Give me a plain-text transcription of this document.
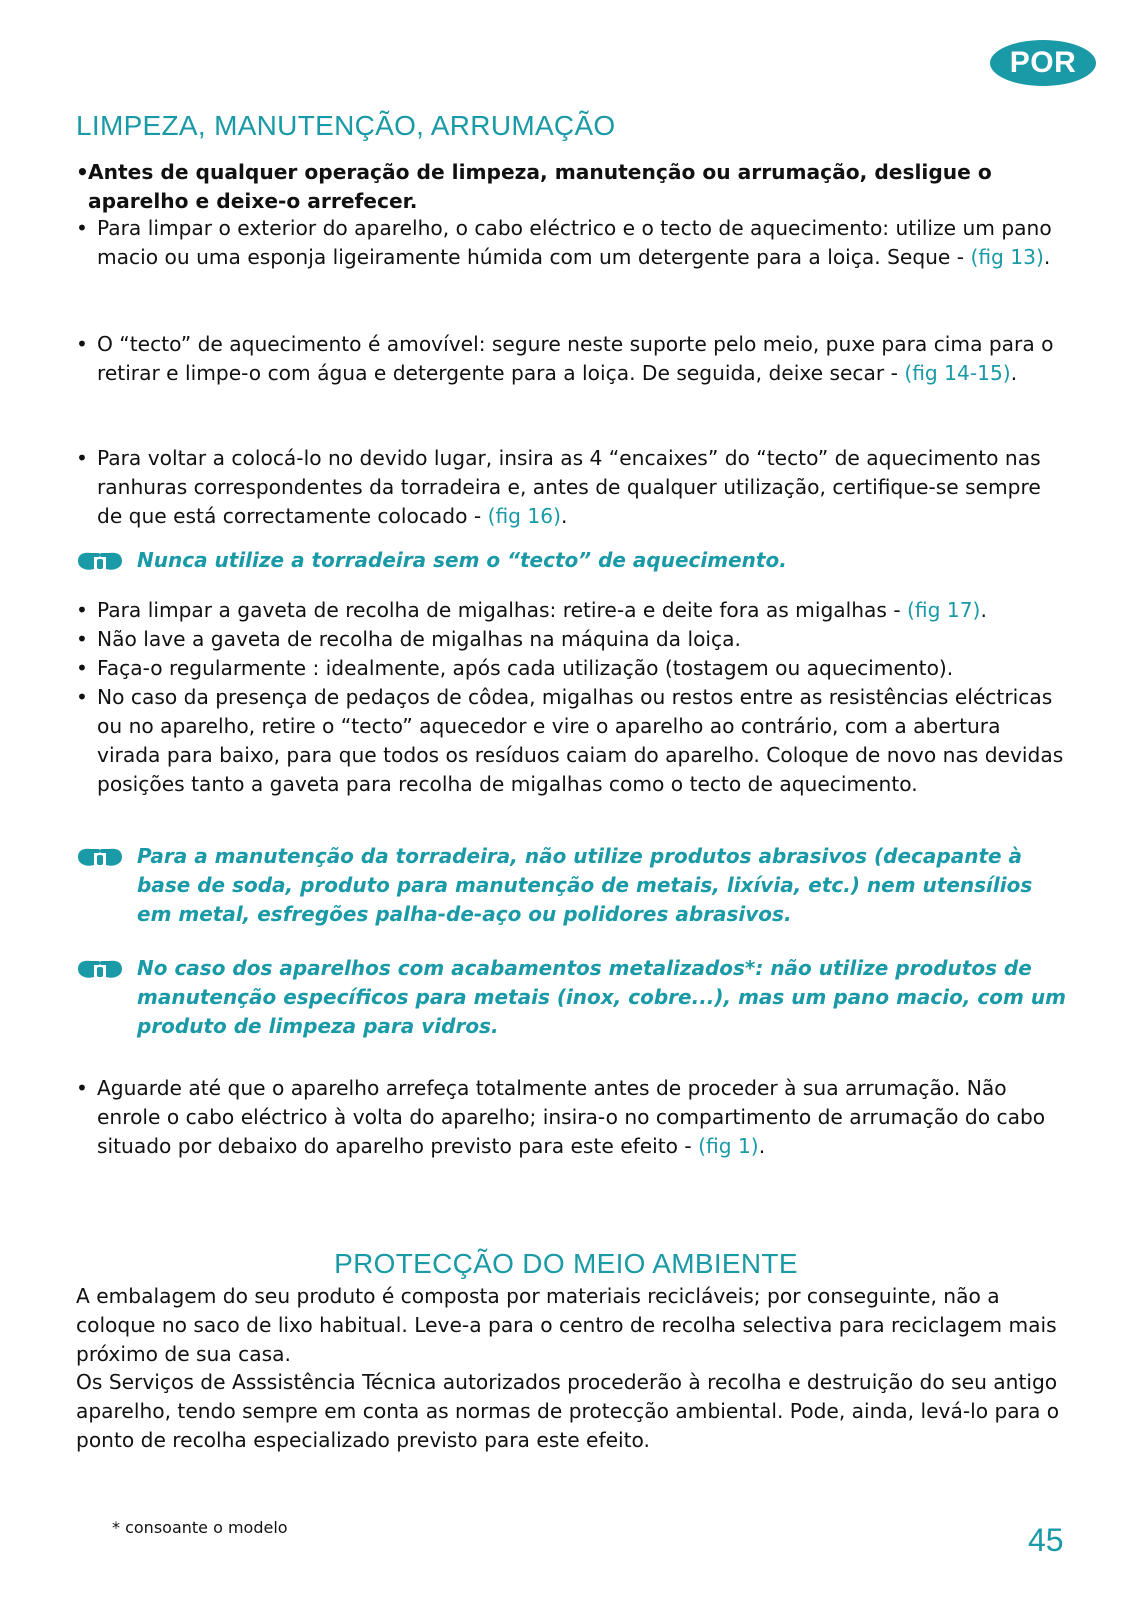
POR
LIMPEZA, MANUTENÇÃO, ARRUMAÇÃO
• Antes de qualquer operação de limpeza, manutenção ou arrumação, desligue o aparelho e deixe-o arrefecer.
• Para limpar o exterior do aparelho, o cabo eléctrico e o tecto de aquecimento: utilize um pano macio ou uma esponja ligeiramente húmida com um detergente para a loiça. Seque - (fig 13).
• O “tecto” de aquecimento é amovível: segure neste suporte pelo meio, puxe para cima para o retirar e limpe-o com água e detergente para a loiça. De seguida, deixe secar - (fig 14-15).
• Para voltar a colocá-lo no devido lugar, insira as 4 “encaixes” do “tecto” de aquecimento nas ranhuras correspondentes da torradeira e, antes de qualquer utilização, certifique-se sempre de que está correctamente colocado - (fig 16).
Nunca utilize a torradeira sem o “tecto” de aquecimento.
• Para limpar a gaveta de recolha de migalhas: retire-a e deite fora as migalhas - (fig 17).
• Não lave a gaveta de recolha de migalhas na máquina da loiça.
• Faça-o regularmente : idealmente, após cada utilização (tostagem ou aquecimento).
• No caso da presença de pedaços de côdea, migalhas ou restos entre as resistências eléctricas ou no aparelho, retire o “tecto” aquecedor e vire o aparelho ao contrário, com a abertura virada para baixo, para que todos os resíduos caiam do aparelho. Coloque de novo nas devidas posições tanto a gaveta para recolha de migalhas como o tecto de aquecimento.
Para a manutenção da torradeira, não utilize produtos abrasivos (decapante à base de soda, produto para manutenção de metais, lixívia, etc.) nem utensílios em metal, esfregões palha-de-aço ou polidores abrasivos.
No caso dos aparelhos com acabamentos metalizados*: não utilize produtos de manutenção específicos para metais (inox, cobre...), mas um pano macio, com um produto de limpeza para vidros.
• Aguarde até que o aparelho arrefeça totalmente antes de proceder à sua arrumação. Não enrole o cabo eléctrico à volta do aparelho; insira-o no compartimento de arrumação do cabo situado por debaixo do aparelho previsto para este efeito - (fig 1).
PROTECÇÃO DO MEIO AMBIENTE
A embalagem do seu produto é composta por materiais recicláveis; por conseguinte, não a coloque no saco de lixo habitual. Leve-a para o centro de recolha selectiva para reciclagem mais próximo de sua casa.
Os Serviços de Asssistência Técnica autorizados procederão à recolha e destruição do seu antigo aparelho, tendo sempre em conta as normas de protecção ambiental. Pode, ainda, levá-lo para o ponto de recolha especializado previsto para este efeito.
* consoante o modelo	45
